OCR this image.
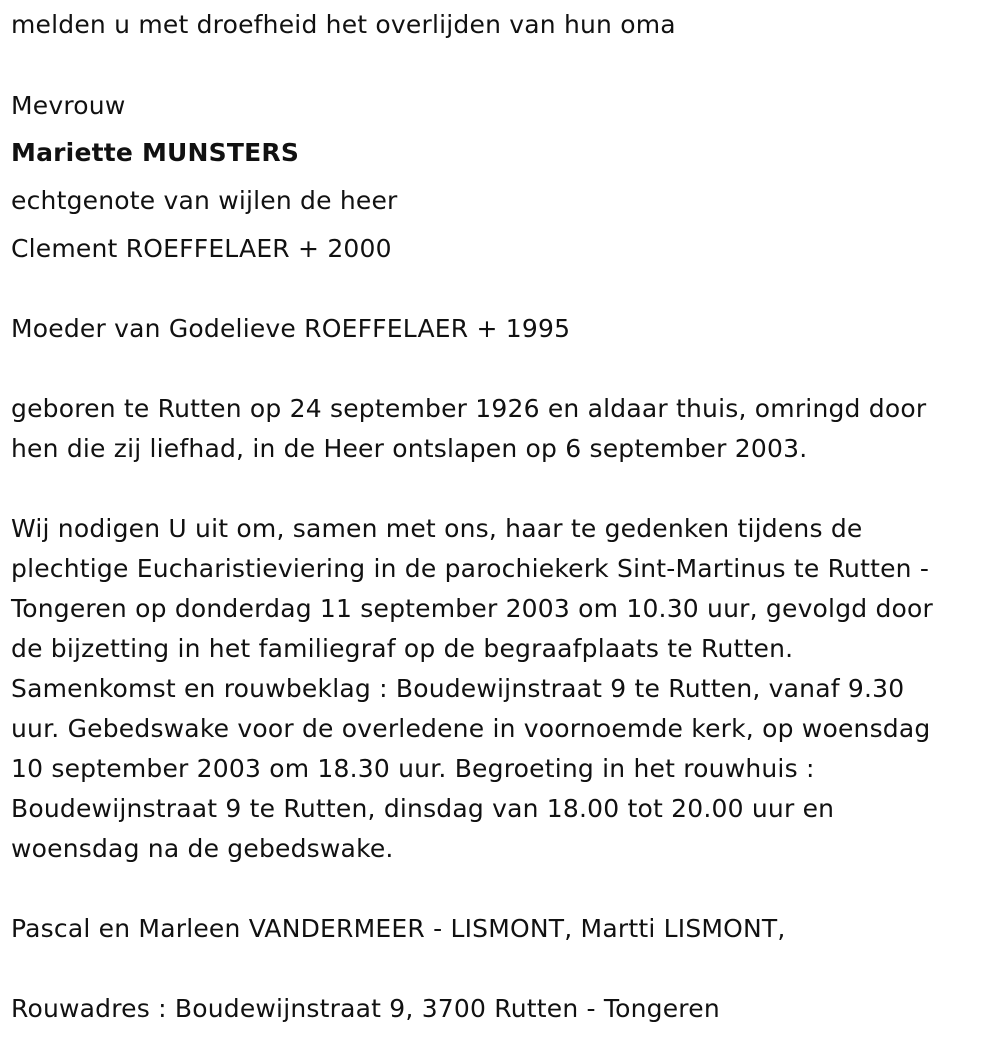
melden u met droefheid het overlijden van hun oma
Mevrouw
Mariette MUNSTERS
echtgenote van wijlen de heer
Clement ROEFFELAER + 2000
Moeder van Godelieve ROEFFELAER + 1995
geboren te Rutten op 24 september 1926 en aldaar thuis, omringd door
hen die zij liefhad, in de Heer ontslapen op 6 september 2003.
Wij nodigen U uit om, samen met ons, haar te gedenken tijdens de
plechtige Eucharistieviering in de parochiekerk Sint-Martinus te Rutten -
Tongeren op donderdag 11 september 2003 om 10.30 uur, gevolgd door
de bijzetting in het familiegraf op de begraafplaats te Rutten.
Samenkomst en rouwbeklag : Boudewijnstraat 9 te Rutten, vanaf 9.30
uur. Gebedswake voor de overledene in voornoemde kerk, op woensdag
10 september 2003 om 18.30 uur. Begroeting in het rouwhuis :
Boudewijnstraat 9 te Rutten, dinsdag van 18.00 tot 20.00 uur en
woensdag na de gebedswake.
Pascal en Marleen VANDERMEER - LISMONT, Martti LISMONT,
Rouwadres : Boudewijnstraat 9, 3700 Rutten - Tongeren
